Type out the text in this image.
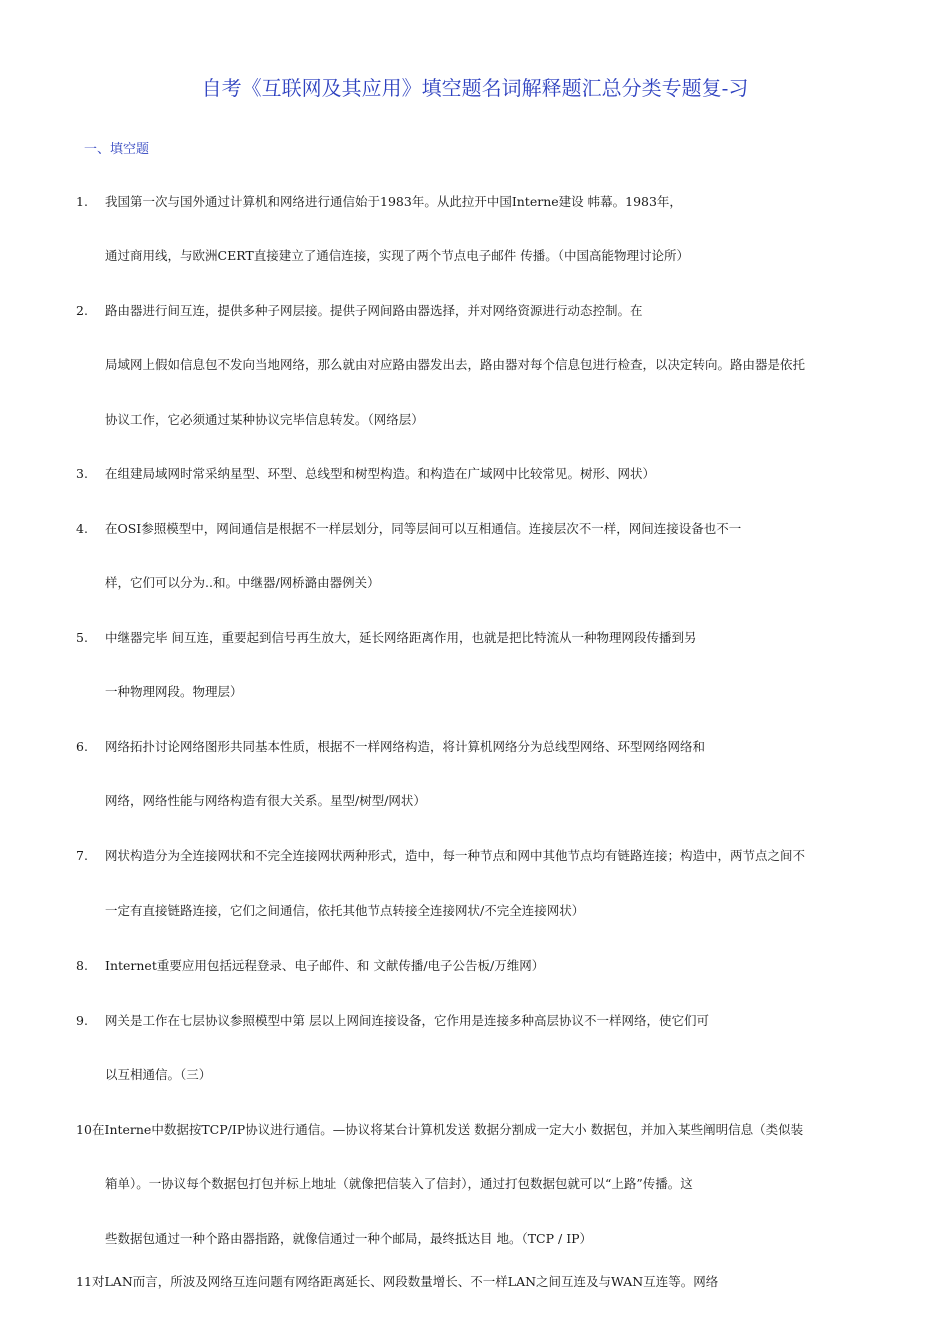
自考《互联网及其应用》填空题名词解释题汇总分类专题复-习
一、填空题
1. 我国第一次与国外通过计算机和网络进行通信始于1983年。从此拉开中国Interne建设 帏幕。1983年，
通过商用线，与欧洲CERT直接建立了通信连接，实现了两个节点电子邮件 传播。（中国高能物理讨论所）
2. 路由器进行间互连，提供多种子网层接。提供子网间路由器选择，并对网络资源进行动态控制。在
局域网上假如信息包不发向当地网络，那么就由对应路由器发出去，路由器对每个信息包进行检查，以决定转向。路由器是依托
协议工作，它必须通过某种协议完毕信息转发。（网络层）
3. 在组建局域网时常采纳星型、环型、总线型和树型构造。和构造在广域网中比较常见。树形、网状）
4. 在OSI参照模型中，网间通信是根据不一样层划分，同等层间可以互相通信。连接层次不一样，网间连接设备也不一
样，它们可以分为..和。中继器/网桥潞由器例关）
5. 中继器完毕 间互连，重要起到信号再生放大，延长网络距离作用，也就是把比特流从一种物理网段传播到另
一种物理网段。物理层）
6. 网络拓扑讨论网络图形共同基本性质，根据不一样网络构造，将计算机网络分为总线型网络、环型网络网络和
网络，网络性能与网络构造有很大关系。星型/树型/网状）
7. 网状构造分为全连接网状和不完全连接网状两种形式，造中，每一种节点和网中其他节点均有链路连接；构造中，两节点之间不
一定有直接链路连接，它们之间通信，依托其他节点转接全连接网状/不完全连接网状）
8. Internet重要应用包括远程登录、电子邮件、和 文献传播/电子公告板/万维网）
9. 网关是工作在七层协议参照模型中第 层以上网间连接设备，它作用是连接多种高层协议不一样网络，使它们可
以互相通信。（三）
10 在Interne中数据按TCP/IP协议进行通信。—协议将某台计算机发送 数据分割成一定大小 数据包，并加入某些阐明信息（类似装
箱单）。一协议每个数据包打包并标上地址（就像把信装入了信封），通过打包数据包就可以“上路”传播。这
些数据包通过一种个路由器指路，就像信通过一种个邮局，最终抵达目 地。（TCP / IP）
11 对LAN而言，所波及网络互连问题有网络距离延长、网段数量增长、不一样LAN之间互连及与WAN互连等。网络
